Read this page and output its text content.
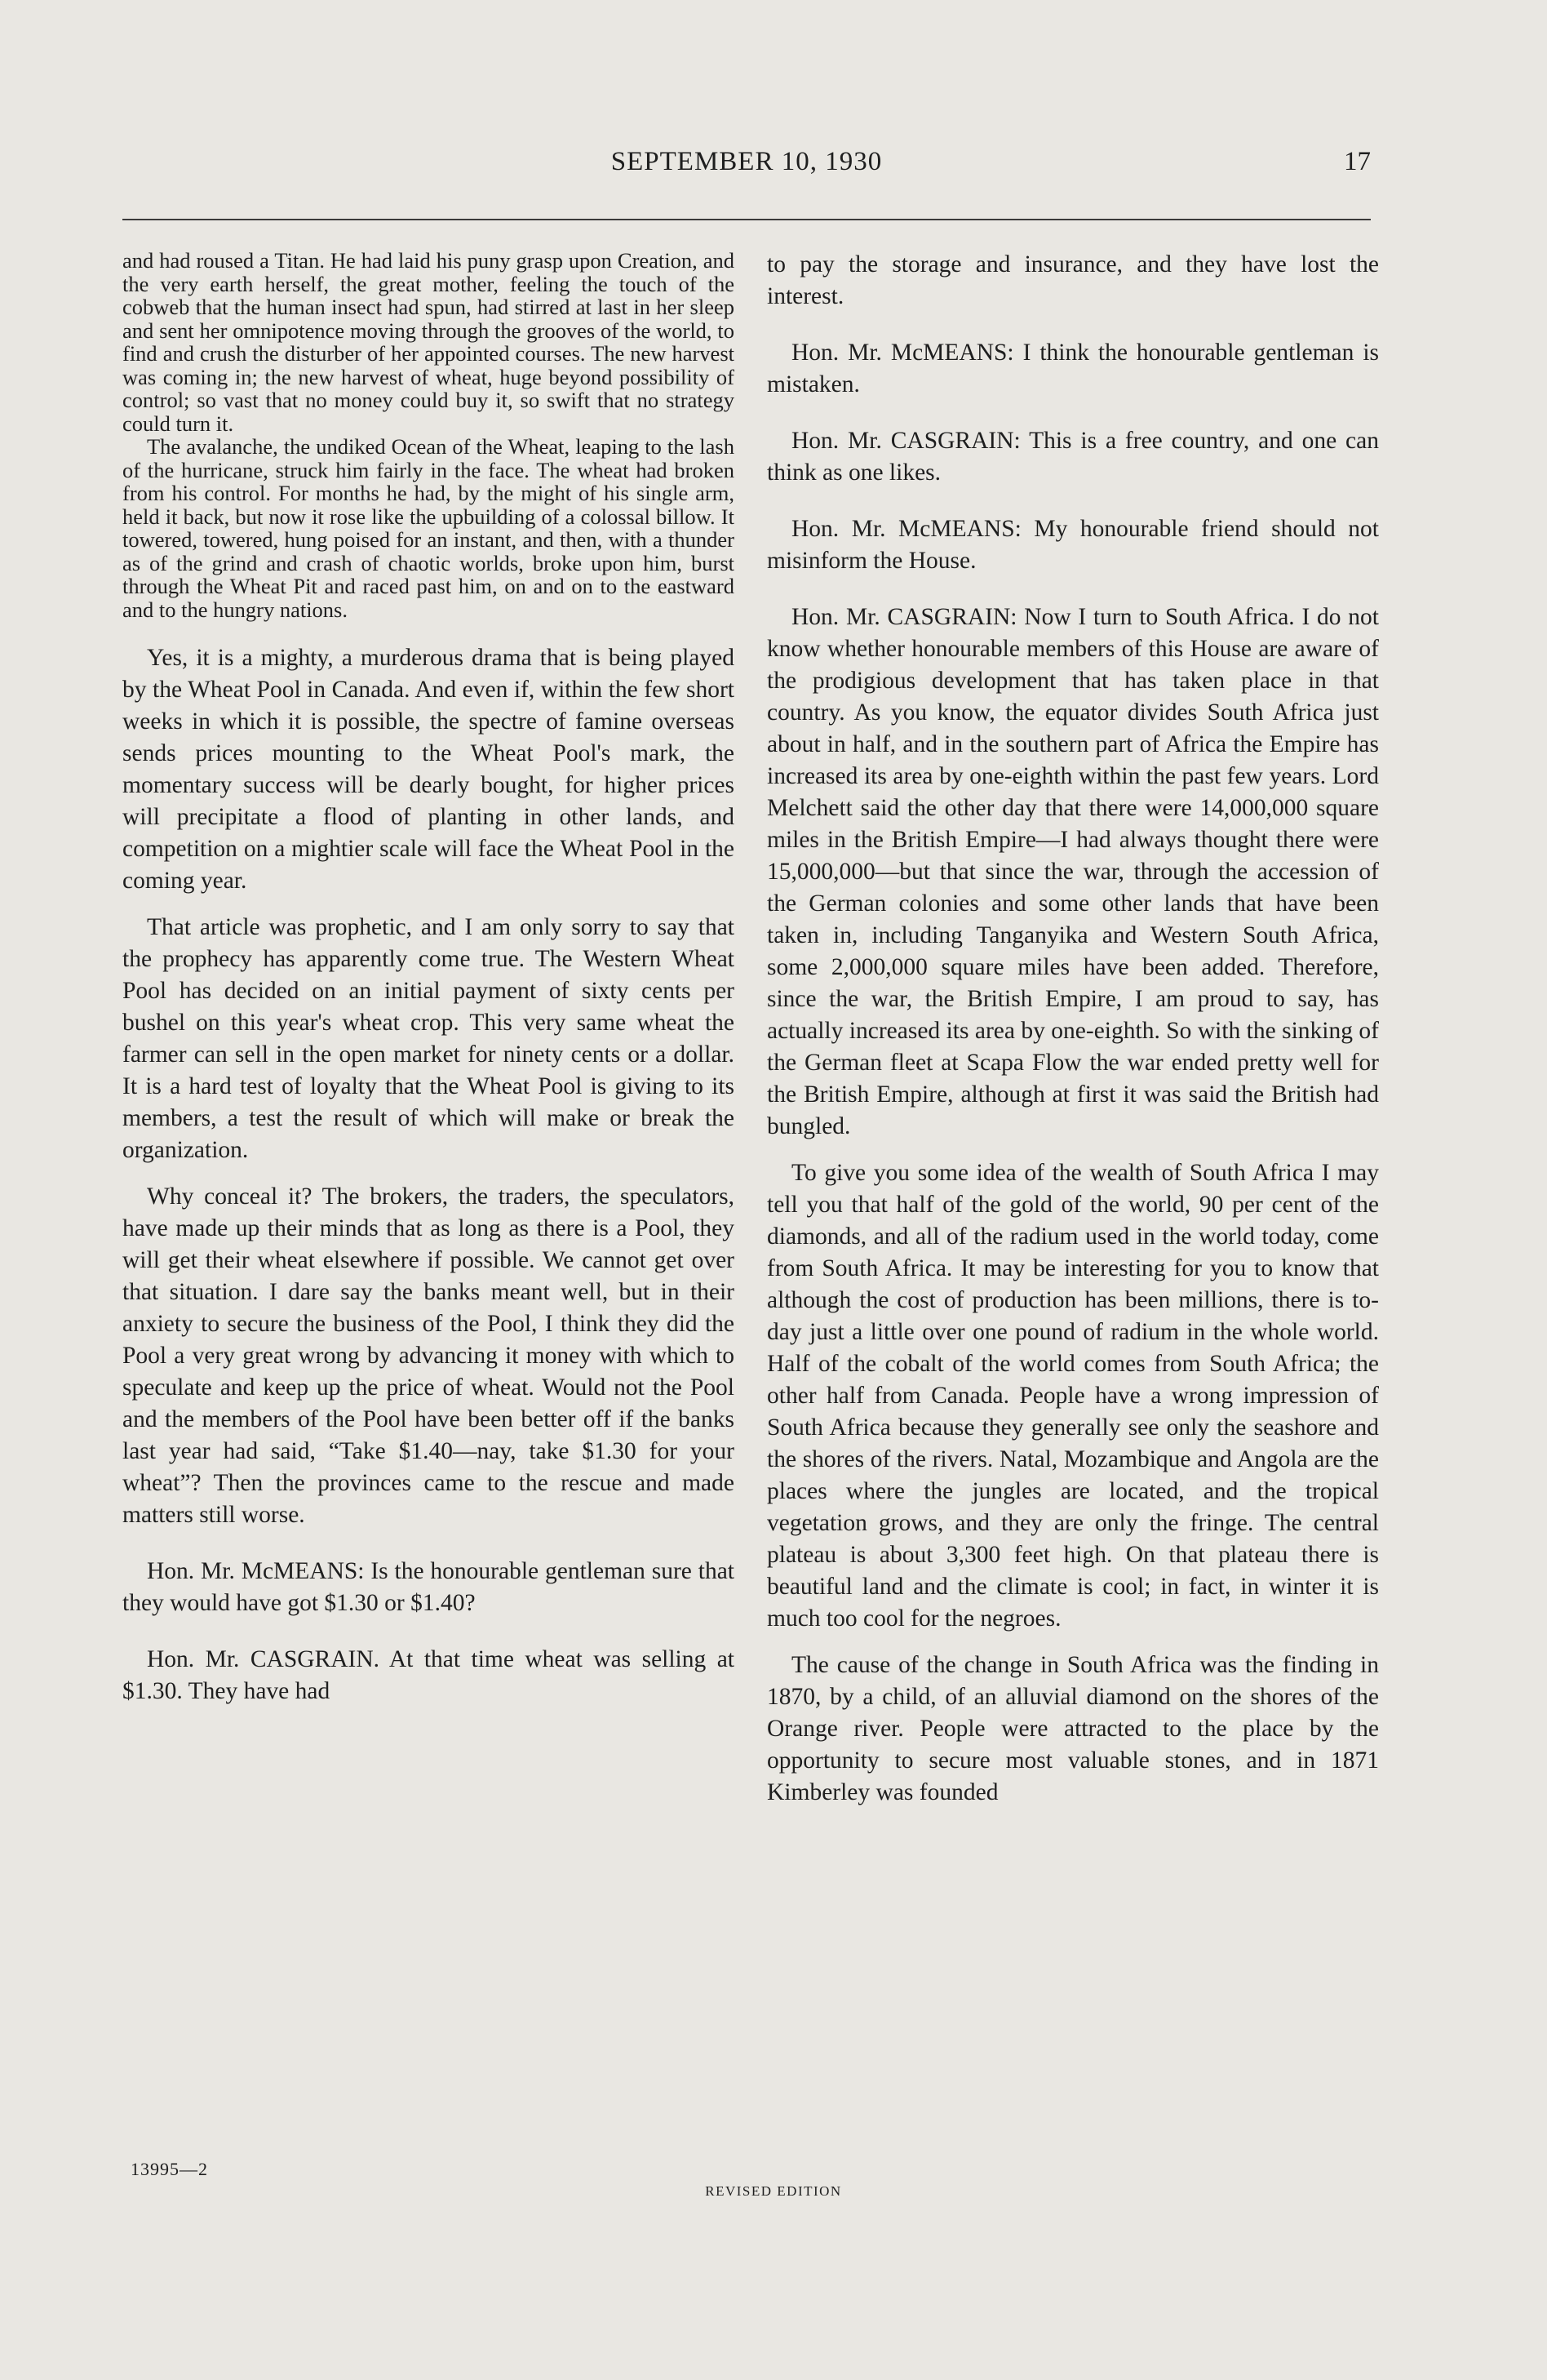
SEPTEMBER 10, 1930	17

and had roused a Titan. He had laid his puny grasp upon Creation, and the very earth herself, the great mother, feeling the touch of the cobweb that the human insect had spun, had stirred at last in her sleep and sent her omnipotence moving through the grooves of the world, to find and crush the disturber of her appointed courses. The new harvest was coming in; the new harvest of wheat, huge beyond possibility of control; so vast that no money could buy it, so swift that no strategy could turn it.

The avalanche, the undiked Ocean of the Wheat, leaping to the lash of the hurricane, struck him fairly in the face. The wheat had broken from his control. For months he had, by the might of his single arm, held it back, but now it rose like the upbuilding of a colossal billow. It towered, towered, hung poised for an instant, and then, with a thunder as of the grind and crash of chaotic worlds, broke upon him, burst through the Wheat Pit and raced past him, on and on to the eastward and to the hungry nations.

Yes, it is a mighty, a murderous drama that is being played by the Wheat Pool in Canada. And even if, within the few short weeks in which it is possible, the spectre of famine overseas sends prices mounting to the Wheat Pool's mark, the momentary success will be dearly bought, for higher prices will precipitate a flood of planting in other lands, and competition on a mightier scale will face the Wheat Pool in the coming year.

That article was prophetic, and I am only sorry to say that the prophecy has apparently come true. The Western Wheat Pool has decided on an initial payment of sixty cents per bushel on this year's wheat crop. This very same wheat the farmer can sell in the open market for ninety cents or a dollar. It is a hard test of loyalty that the Wheat Pool is giving to its members, a test the result of which will make or break the organization.

Why conceal it? The brokers, the traders, the speculators, have made up their minds that as long as there is a Pool, they will get their wheat elsewhere if possible. We cannot get over that situation. I dare say the banks meant well, but in their anxiety to secure the business of the Pool, I think they did the Pool a very great wrong by advancing it money with which to speculate and keep up the price of wheat. Would not the Pool and the members of the Pool have been better off if the banks last year had said, “Take $1.40—nay, take $1.30 for your wheat”? Then the provinces came to the rescue and made matters still worse.

Hon. Mr. McMEANS: Is the honourable gentleman sure that they would have got $1.30 or $1.40?

Hon. Mr. CASGRAIN. At that time wheat was selling at $1.30. They have had

to pay the storage and insurance, and they have lost the interest.

Hon. Mr. McMEANS: I think the honourable gentleman is mistaken.

Hon. Mr. CASGRAIN: This is a free country, and one can think as one likes.

Hon. Mr. McMEANS: My honourable friend should not misinform the House.

Hon. Mr. CASGRAIN: Now I turn to South Africa. I do not know whether honourable members of this House are aware of the prodigious development that has taken place in that country. As you know, the equator divides South Africa just about in half, and in the southern part of Africa the Empire has increased its area by one-eighth within the past few years. Lord Melchett said the other day that there were 14,000,000 square miles in the British Empire—I had always thought there were 15,000,000—but that since the war, through the accession of the German colonies and some other lands that have been taken in, including Tanganyika and Western South Africa, some 2,000,000 square miles have been added. Therefore, since the war, the British Empire, I am proud to say, has actually increased its area by one-eighth. So with the sinking of the German fleet at Scapa Flow the war ended pretty well for the British Empire, although at first it was said the British had bungled.

To give you some idea of the wealth of South Africa I may tell you that half of the gold of the world, 90 per cent of the diamonds, and all of the radium used in the world today, come from South Africa. It may be interesting for you to know that although the cost of production has been millions, there is to-day just a little over one pound of radium in the whole world. Half of the cobalt of the world comes from South Africa; the other half from Canada. People have a wrong impression of South Africa because they generally see only the seashore and the shores of the rivers. Natal, Mozambique and Angola are the places where the jungles are located, and the tropical vegetation grows, and they are only the fringe. The central plateau is about 3,300 feet high. On that plateau there is beautiful land and the climate is cool; in fact, in winter it is much too cool for the negroes.

The cause of the change in South Africa was the finding in 1870, by a child, of an alluvial diamond on the shores of the Orange river. People were attracted to the place by the opportunity to secure most valuable stones, and in 1871 Kimberley was founded

13995—2
REVISED EDITION
